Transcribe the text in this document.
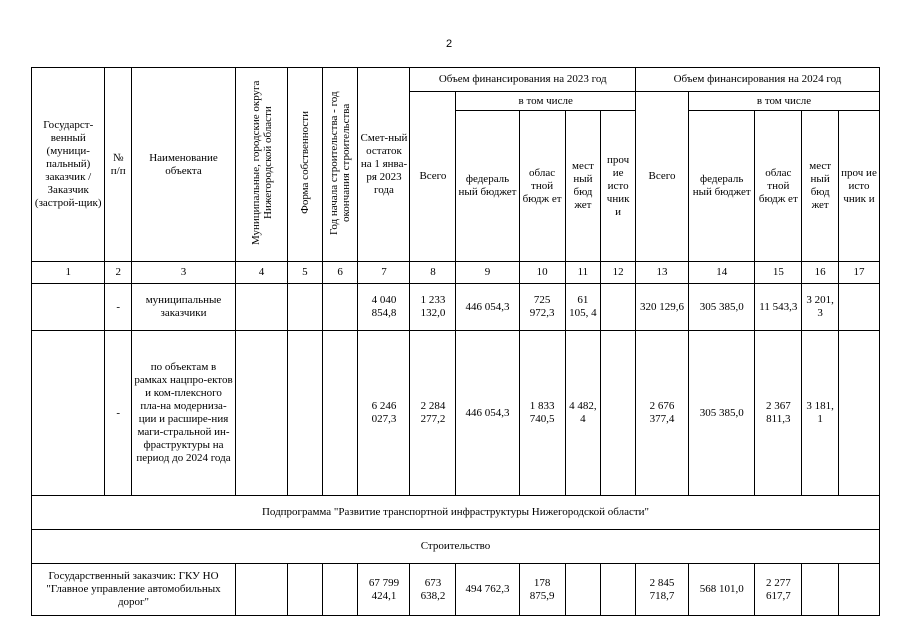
2
Государст-венный (муници-пальный) заказчик / Заказчик (застрой-щик)	№ п/п	Наименование объекта	Муниципальные, городские округа Нижегородской области	Форма собственности	Год начала строительства - год окончания строительства	Смет-ный остаток на 1 янва-ря 2023 года	Объем финансирования на 2023 год					Объем финансирования на 2024 год				
							Всего	в том числе				Всего	в том числе			
								федераль ный бюджет	облас тной бюдж ет	мест ный бюд жет	проч ие исто чник и		федераль ный бюджет	облас тной бюдж ет	мест ный бюд жет	проч ие исто чник и
1	2	3	4	5	6	7	8	9	10	11	12	13	14	15	16	17
	-	муниципальные заказчики				4 040 854,8	1 233 132,0	446 054,3	725 972,3	61 105, 4		320 129,6	305 385,0	11 543,3	3 201, 3	
	-	по объектам в рамках нацпро-ектов и ком-плексного пла-на модерниза-ции и расшире-ния маги-стральной ин-фраструктуры на период до 2024 года				6 246 027,3	2 284 277,2	446 054,3	1 833 740,5	4 482, 4		2 676 377,4	305 385,0	2 367 811,3	3 181, 1	
Подпрограмма "Развитие транспортной инфраструктуры Нижегородской области"																
Строительство																
Государственный заказчик: ГКУ НО "Главное управление автомобильных дорог"						67 799 424,1	673 638,2	494 762,3	178 875,9			2 845 718,7	568 101,0	2 277 617,7		
